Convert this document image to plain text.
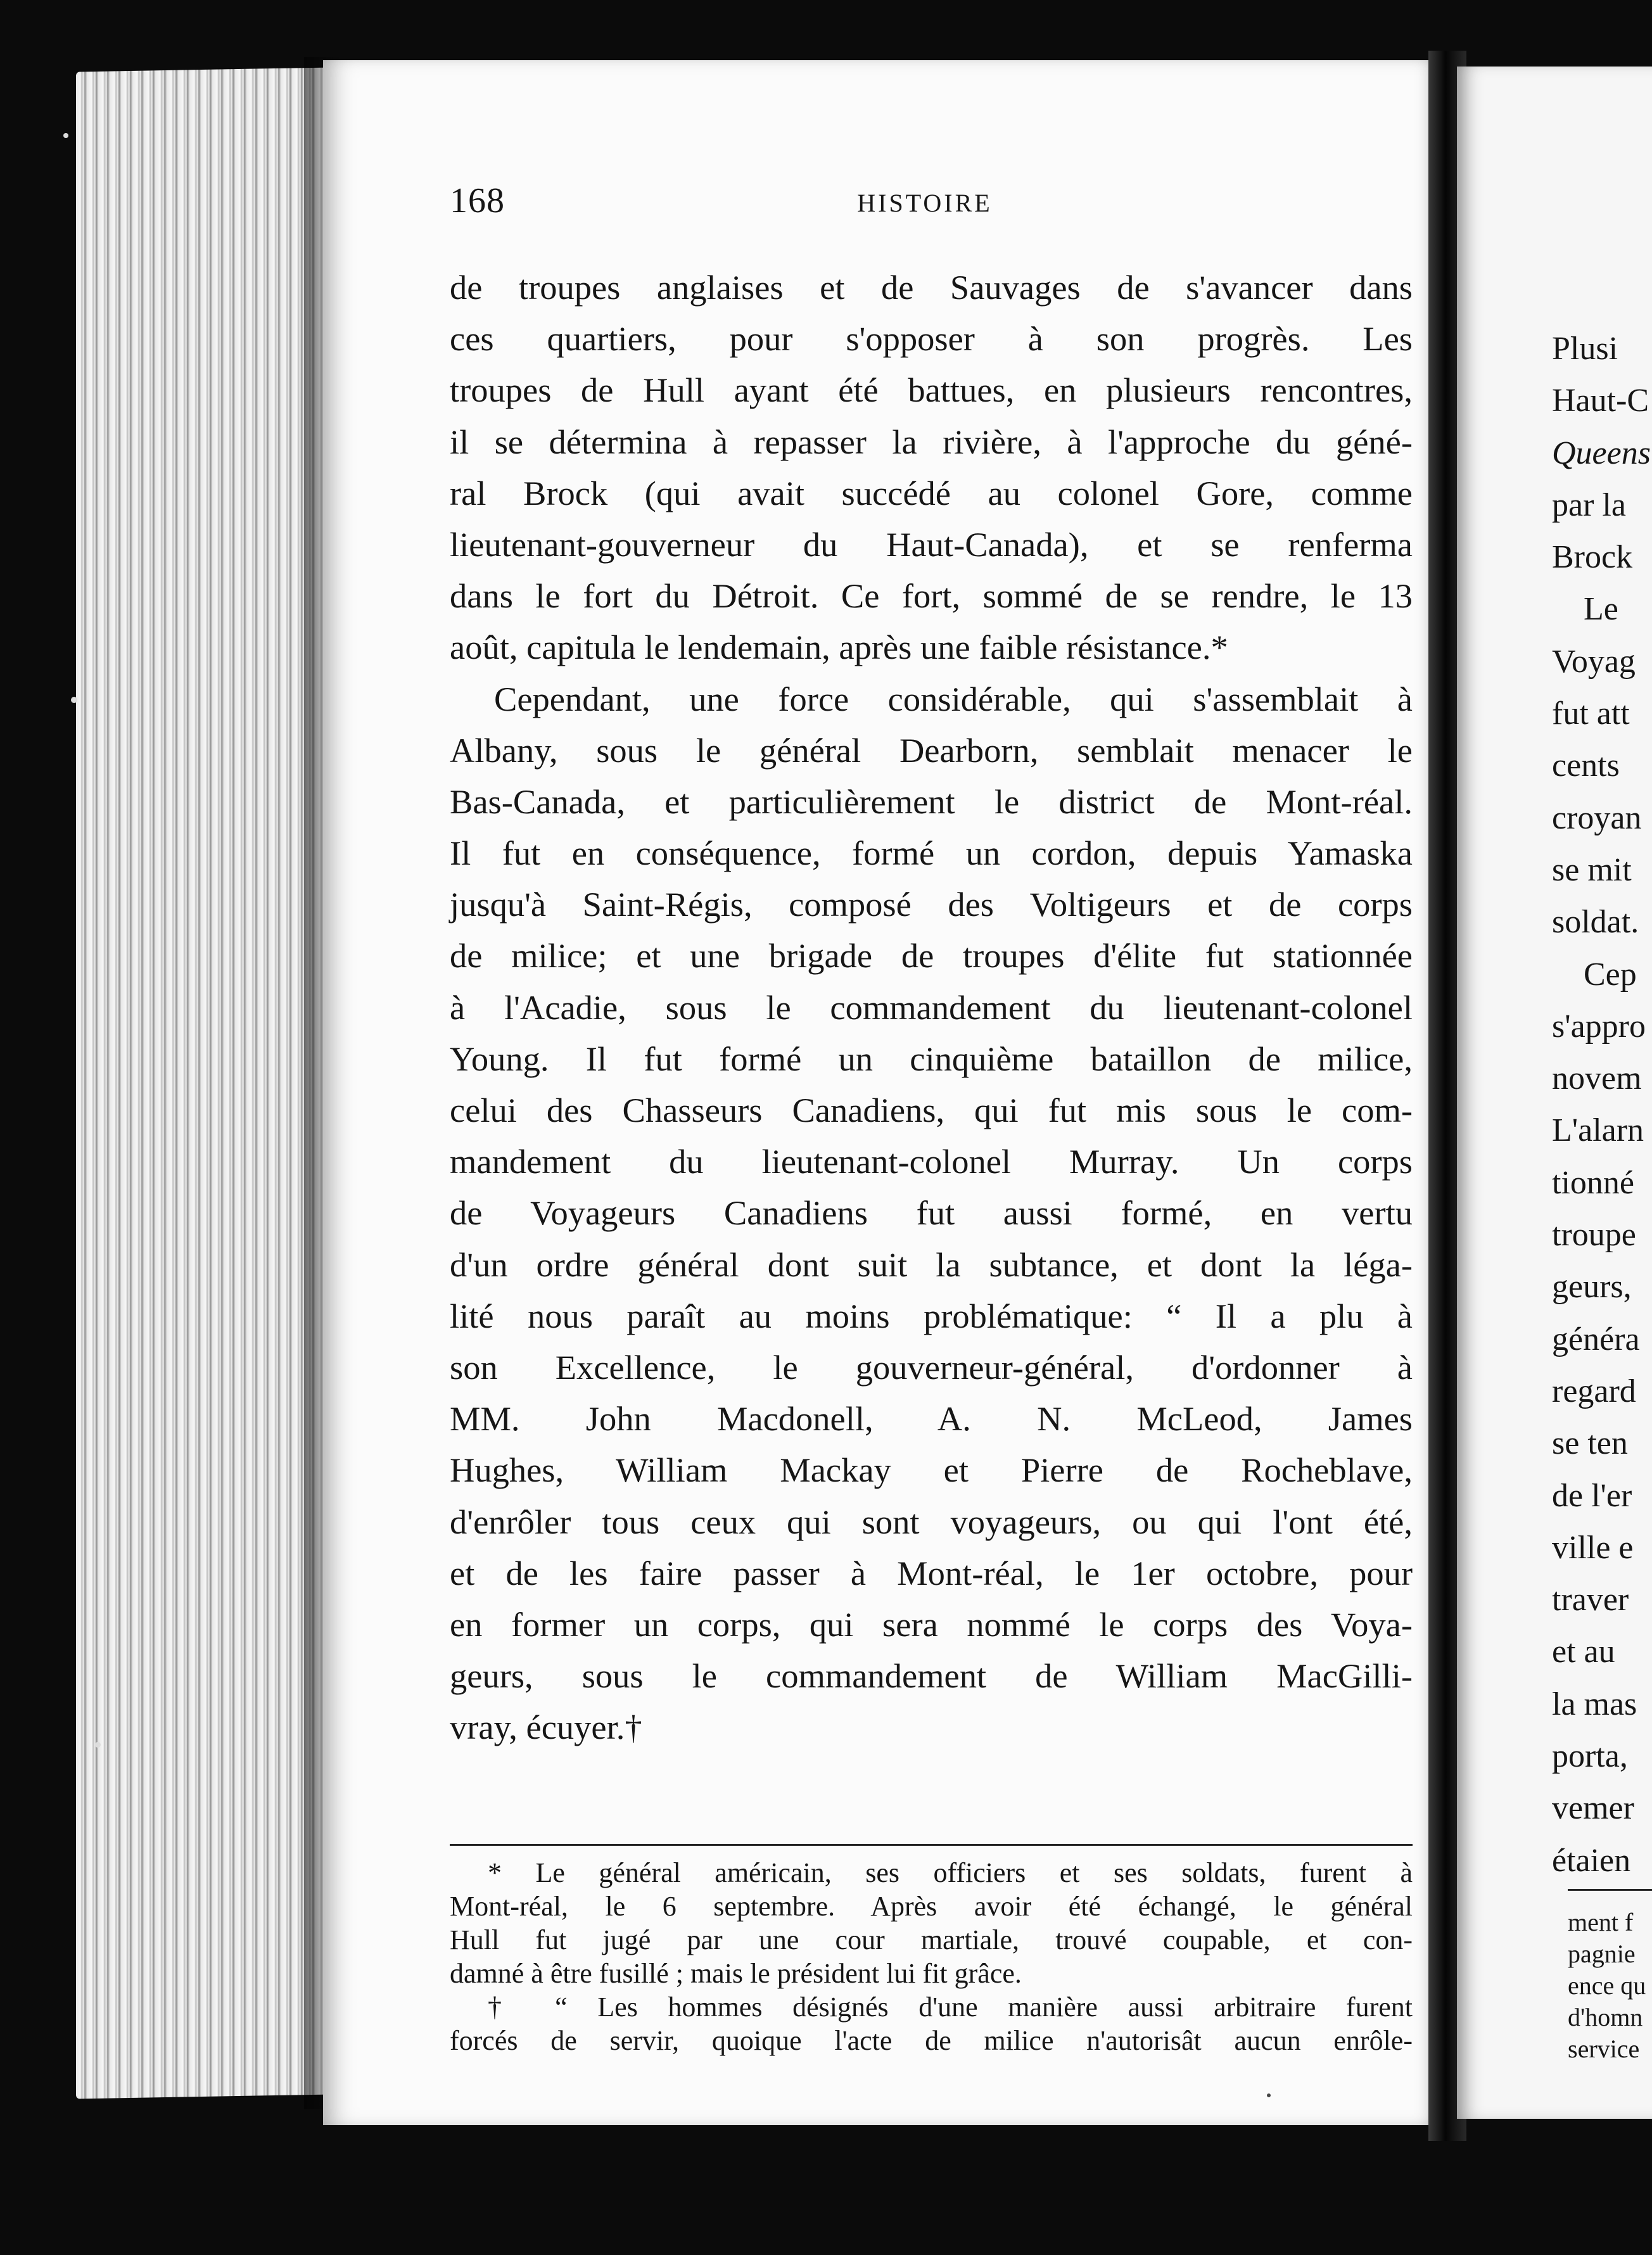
168	HISTOIRE
de troupes anglaises et de Sauvages de s'avancer dans
ces quartiers, pour s'opposer à son progrès. Les
troupes de Hull ayant été battues, en plusieurs rencontres,
il se détermina à repasser la rivière, à l'approche du géné-
ral Brock (qui avait succédé au colonel Gore, comme
lieutenant-gouverneur du Haut-Canada), et se renferma
dans le fort du Détroit. Ce fort, sommé de se rendre, le 13
août, capitula le lendemain, après une faible résistance.*
Cependant, une force considérable, qui s'assemblait à
Albany, sous le général Dearborn, semblait menacer le
Bas-Canada, et particulièrement le district de Mont-réal.
Il fut en conséquence, formé un cordon, depuis Yamaska
jusqu'à Saint-Régis, composé des Voltigeurs et de corps
de milice; et une brigade de troupes d'élite fut stationnée
à l'Acadie, sous le commandement du lieutenant-colonel
Young. Il fut formé un cinquième bataillon de milice,
celui des Chasseurs Canadiens, qui fut mis sous le com-
mandement du lieutenant-colonel Murray. Un corps
de Voyageurs Canadiens fut aussi formé, en vertu
d'un ordre général dont suit la subtance, et dont la léga-
lité nous paraît au moins problématique: “ Il a plu à
son Excellence, le gouverneur-général, d'ordonner à
MM. John Macdonell, A. N. McLeod, James
Hughes, William Mackay et Pierre de Rocheblave,
d'enrôler tous ceux qui sont voyageurs, ou qui l'ont été,
et de les faire passer à Mont-réal, le 1er octobre, pour
en former un corps, qui sera nommé le corps des Voya-
geurs, sous le commandement de William MacGilli-
vray, écuyer.†
* Le général américain, ses officiers et ses soldats, furent à
Mont-réal, le 6 septembre. Après avoir été échangé, le général
Hull fut jugé par une cour martiale, trouvé coupable, et con-
damné à être fusillé ; mais le président lui fit grâce.
† “ Les hommes désignés d'une manière aussi arbitraire furent
forcés de servir, quoique l'acte de milice n'autorisât aucun enrôle-
Plusi
Haut-C
Queens
par la
Brock
Le
Voyag
fut att
cents
croyan
se mit
soldat.
Cep
s'appro
novem
L'alarn
tionné
troupe
geurs,
généra
regard
se ten
de l'er
ville e
traver
et au
la mas
porta,
vemer
étaien
ment f
pagnie
ence qu
d'homn
service
